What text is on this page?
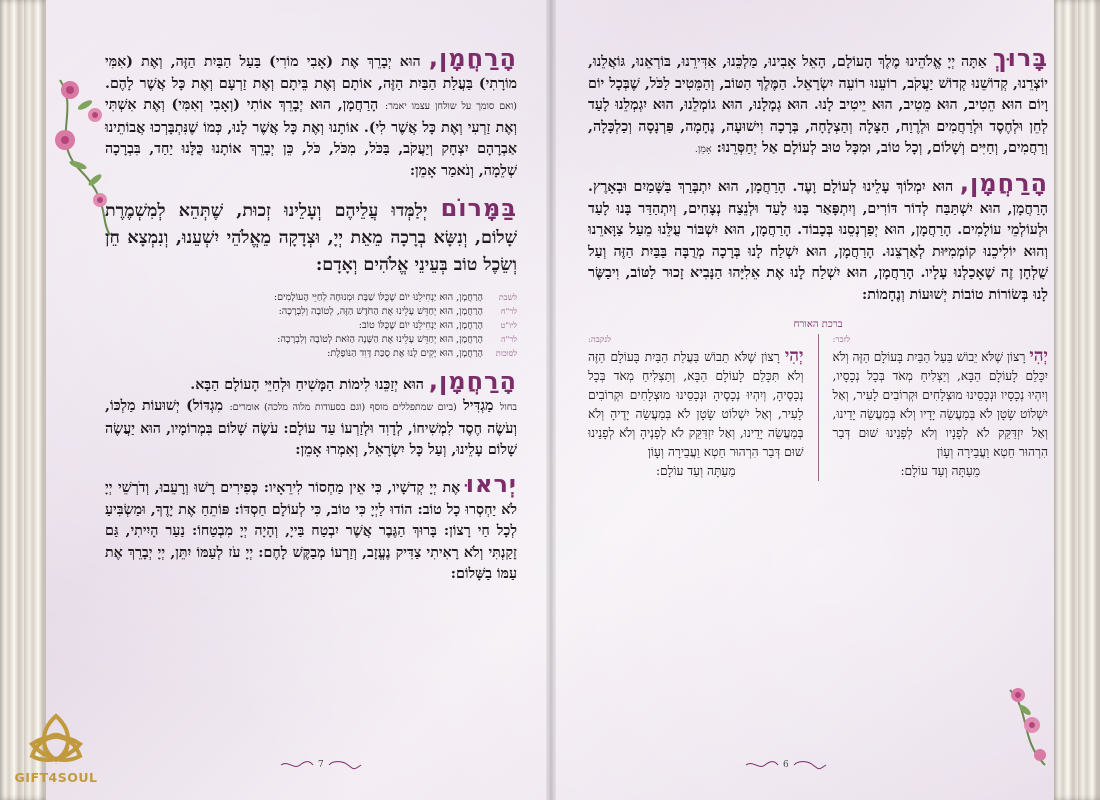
בָּרוּךְ אַתָּה יְיָ אֱלֹהֵינוּ מֶלֶךְ הָעוֹלָם, הָאֵל אָבִינוּ, מַלְכֵּנוּ, אַדִּירֵנוּ, בּוֹרְאֵנוּ, גּוֹאֲלֵנוּ, יוֹצְרֵנוּ, קְדוֹשֵׁנוּ קְדוֹשׁ יַעֲקֹב, רוֹעֵנוּ רוֹעֵה יִשְׂרָאֵל. הַמֶּלֶךְ הַטּוֹב, וְהַמֵּטִיב לַכֹּל, שֶׁבְּכָל יוֹם וָיוֹם הוּא הֵטִיב, הוּא מֵטִיב, הוּא יֵיטִיב לָנוּ. הוּא גְמָלָנוּ, הוּא גוֹמְלֵנוּ, הוּא יִגְמְלֵנוּ לָעַד לְחֵן וּלְחֶסֶד וּלְרַחֲמִים וּלְרֶוַח, הַצָּלָה וְהַצְלָחָה, בְּרָכָה וִישׁוּעָה, נֶחָמָה, פַּרְנָסָה וְכַלְכָּלָה, וְרַחֲמִים, וְחַיִּים וְשָׁלוֹם, וְכָל טוֹב, וּמִכָּל טוּב לְעוֹלָם אַל יְחַסְּרֵנוּ: אָמֵן.

הָרַחֲמָן, הוּא יִמְלוֹךְ עָלֵינוּ לְעוֹלָם וָעֶד. הָרַחֲמָן, הוּא יִתְבָּרַךְ בַּשָּׁמַיִם וּבָאָרֶץ. הָרַחֲמָן, הוּא יִשְׁתַּבַּח לְדוֹר דּוֹרִים, וְיִתְפָּאַר בָּנוּ לָעַד וּלְנֵצַח נְצָחִים, וְיִתְהַדַּר בָּנוּ לָעַד וּלְעוֹלְמֵי עוֹלָמִים. הָרַחֲמָן, הוּא יְפַרְנְסֵנוּ בְּכָבוֹד. הָרַחֲמָן, הוּא יִשְׁבּוֹר עֻלֵּנוּ מֵעַל צַוָּארֵנוּ וְהוּא יוֹלִיכֵנוּ קוֹמְמִיּוּת לְאַרְצֵנוּ. הָרַחֲמָן, הוּא יִשְׁלַח לָנוּ בְּרָכָה מְרֻבָּה בַּבַּיִת הַזֶּה וְעַל שֻׁלְחָן זֶה שֶׁאָכַלְנוּ עָלָיו. הָרַחֲמָן, הוּא יִשְׁלַח לָנוּ אֶת אֵלִיָּהוּ הַנָּבִיא זָכוּר לַטּוֹב, וִיבַשֶּׂר לָנוּ בְּשׂוֹרוֹת טוֹבוֹת יְשׁוּעוֹת וְנֶחָמוֹת:

ברכת האורח
לזכר:
יְהִי רָצוֹן שֶׁלֹּא יֵבוֹשׁ בַּעַל הַבַּיִת בָּעוֹלָם הַזֶּה וְלֹא יִכָּלֵם לָעוֹלָם הַבָּא, וְיַצְלִיחַ מְאֹד בְּכָל נְכָסָיו, וְיִהְיוּ נְכָסָיו וּנְכָסֵינוּ מוּצְלָחִים וּקְרוֹבִים לָעִיר, וְאַל יִשְׁלוֹט שָׂטָן לֹא בְּמַעֲשֵׂה יָדָיו וְלֹא בְּמַעֲשֵׂה יָדֵינוּ, וְאַל יִזְדַּקֵּק לֹא לְפָנָיו וְלֹא לְפָנֵינוּ שׁוּם דְּבַר הִרְהוּר חֵטְא וַעֲבֵירָה וְעָוֹן
מֵעַתָּה וְעַד עוֹלָם:
לנקבה:
יְהִי רָצוֹן שֶׁלֹּא תֵבוֹשׁ בַּעֲלַת הַבַּיִת בָּעוֹלָם הַזֶּה וְלֹא תִּכָּלֵם לָעוֹלָם הַבָּא, וְתַצְלִיחַ מְאֹד בְּכָל נְכָסֶיהָ, וְיִהְיוּ נְכָסֶיהָ וּנְכָסֵינוּ מוּצְלָחִים וּקְרוֹבִים לָעִיר, וְאַל יִשְׁלוֹט שָׂטָן לֹא בְּמַעֲשֵׂה יָדֶיהָ וְלֹא בְּמַעֲשֵׂה יָדֵינוּ, וְאַל יִזְדַּקֵּק לֹא לְפָנֶיהָ וְלֹא לְפָנֵינוּ שׁוּם דְּבַר הִרְהוּר חֵטְא וַעֲבֵירָה וְעָוֹן
מֵעַתָּה וְעַד עוֹלָם:

הָרַחֲמָן, הוּא יְבָרֵךְ אֶת (אָבִי מוֹרִי) בַּעַל הַבַּיִת הַזֶּה, וְאֶת (אִמִּי מוֹרָתִי) בַּעֲלַת הַבַּיִת הַזֶּה, אוֹתָם וְאֶת בֵּיתָם וְאֶת זַרְעָם וְאֶת כָּל אֲשֶׁר לָהֶם. (ואם סומך על שולחן עצמו יאמר: הָרַחֲמָן, הוּא יְבָרֵךְ אוֹתִי (וְאָבִי וְאִמִּי) וְאֶת אִשְׁתִּי וְאֶת זַרְעִי וְאֶת כָּל אֲשֶׁר לִי). אוֹתָנוּ וְאֶת כָּל אֲשֶׁר לָנוּ, כְּמוֹ שֶׁנִּתְבָּרְכוּ אֲבוֹתֵינוּ אַבְרָהָם יִצְחָק וְיַעֲקֹב, בַּכֹּל, מִכֹּל, כֹּל, כֵּן יְבָרֵךְ אוֹתָנוּ כֻּלָּנוּ יַחַד, בִּבְרָכָה שְׁלֵמָה, וְנֹאמַר אָמֵן:

בַּמָּרוֹם יְלַמְּדוּ עֲלֵיהֶם וְעָלֵינוּ זְכוּת, שֶׁתְּהֵא לְמִשְׁמֶרֶת שָׁלוֹם, וְנִשָּׂא בְרָכָה מֵאֵת יְיָ, וּצְדָקָה מֵאֱלֹהֵי יִשְׁעֵנוּ, וְנִמְצָא חֵן וְשֵׂכֶל טוֹב בְּעֵינֵי אֱלֹהִים וְאָדָם:

לשבת
הָרַחֲמָן, הוּא יַנְחִילֵנוּ יוֹם שֶׁכֻּלּוֹ שַׁבָּת וּמְנוּחָה לְחַיֵּי הָעוֹלָמִים:
לר"ח
הָרַחֲמָן, הוּא יְחַדֵּשׁ עָלֵינוּ אֶת הַחֹדֶשׁ הַזֶּה, לְטוֹבָה וְלִבְרָכָה:
ליו"ט
הָרַחֲמָן, הוּא יַנְחִילֵנוּ יוֹם שֶׁכֻּלּוֹ טוֹב:
לר"ה
הָרַחֲמָן, הוּא יְחַדֵּשׁ עָלֵינוּ אֶת הַשָּׁנָה הַזֹּאת לְטוֹבָה וְלִבְרָכָה:
לסוכות
הָרַחֲמָן, הוּא יָקִים לָנוּ אֶת סֻכַּת דָּוִד הַנּוֹפָלֶת:

הָרַחֲמָן, הוּא יְזַכֵּנוּ לִימוֹת הַמָּשִׁיחַ וּלְחַיֵּי הָעוֹלָם הַבָּא.
בחול מַגְדִּיל (ביום שמתפללים מוסף (וגם בסעודות מלוה מלכה) אומרים: מִגְדּוֹל) יְשׁוּעוֹת מַלְכּוֹ, וְעֹשֶׂה חֶסֶד לִמְשִׁיחוֹ, לְדָוִד וּלְזַרְעוֹ עַד עוֹלָם: עֹשֶׂה שָׁלוֹם בִּמְרוֹמָיו, הוּא יַעֲשֶׂה שָׁלוֹם עָלֵינוּ, וְעַל כָּל יִשְׂרָאֵל, וְאִמְרוּ אָמֵן:

יְראוּ אֶת יְיָ קְדשָׁיו, כִּי אֵין מַחְסוֹר לִירֵאָיו: כְּפִירִים רָשׁוּ וְרָעֵבוּ, וְדֹרְשֵׁי יְיָ לֹא יַחְסְרוּ כָל טוֹב: הוֹדוּ לַיְיָ כִּי טוֹב, כִּי לְעוֹלָם חַסְדּוֹ: פּוֹתֵחַ אֶת יָדֶךָ, וּמַשְׂבִּיעַ לְכָל חַי רָצוֹן: בָּרוּךְ הַגֶּבֶר אֲשֶׁר יִבְטַח בַּייָ, וְהָיָה יְיָ מִבְטַחוֹ: נַעַר הָיִיתִי, גַּם זָקַנְתִּי וְלֹא רָאִיתִי צַדִּיק נֶעֱזָב, וְזַרְעוֹ מְבַקֶּשׁ לָחֶם: יְיָ עֹז לְעַמּוֹ יִתֵּן, יְיָ יְבָרֵךְ אֶת עַמּוֹ בַשָּׁלוֹם:

6
7
GIFT4SOUL
